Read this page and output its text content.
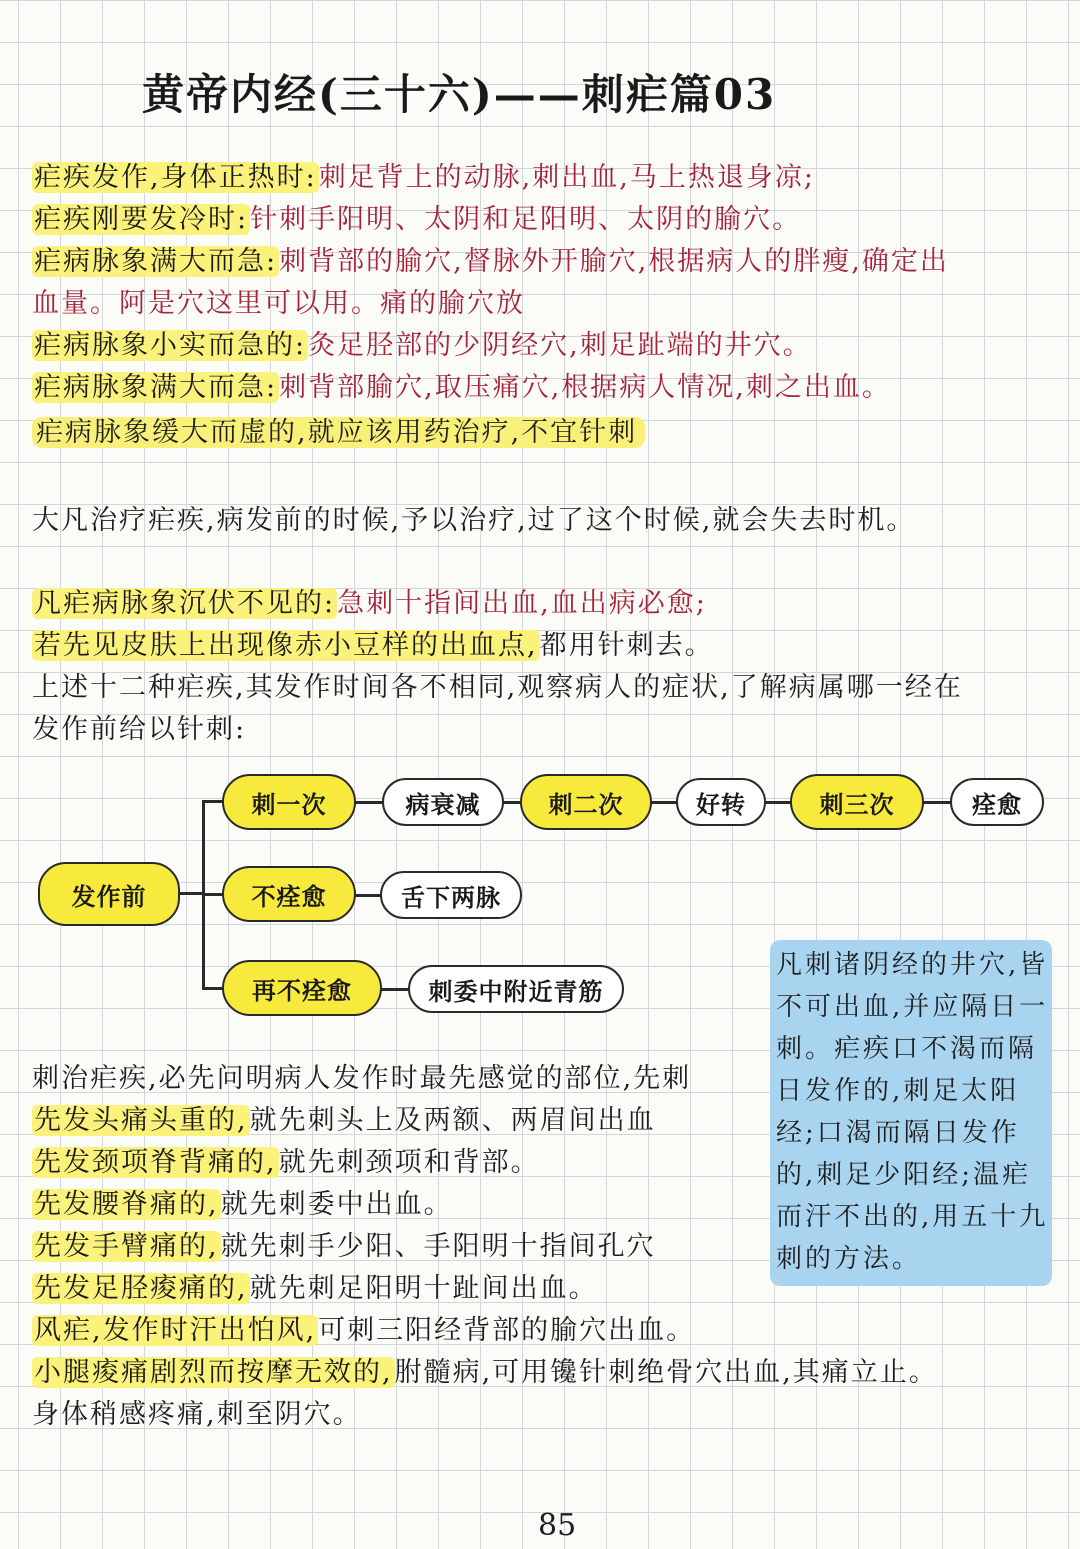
黄帝内经(三十六)——刺疟篇03
疟疾发作,身体正热时:刺足背上的动脉,刺出血,马上热退身凉;
疟疾刚要发冷时:针刺手阳明、太阴和足阳明、太阴的腧穴。
疟病脉象满大而急:刺背部的腧穴,督脉外开腧穴,根据病人的胖瘦,确定出
血量。阿是穴这里可以用。痛的腧穴放
疟病脉象小实而急的:灸足胫部的少阴经穴,刺足趾端的井穴。
疟病脉象满大而急:刺背部腧穴,取压痛穴,根据病人情况,刺之出血。
疟病脉象缓大而虚的,就应该用药治疗,不宜针刺
大凡治疗疟疾,病发前的时候,予以治疗,过了这个时候,就会失去时机。
凡疟病脉象沉伏不见的:急刺十指间出血,血出病必愈;
若先见皮肤上出现像赤小豆样的出血点,都用针刺去。
上述十二种疟疾,其发作时间各不相同,观察病人的症状,了解病属哪一经在
发作前给以针刺:
发作前
刺一次	病衰减	刺二次	好转	刺三次	痊愈
不痊愈	舌下两脉
再不痊愈	刺委中附近青筋
凡刺诸阴经的井穴,皆
不可出血,并应隔日一
刺。疟疾口不渴而隔
日发作的,刺足太阳
经;口渴而隔日发作
的,刺足少阳经;温疟
而汗不出的,用五十九
刺的方法。
刺治疟疾,必先问明病人发作时最先感觉的部位,先刺
先发头痛头重的,就先刺头上及两额、两眉间出血
先发颈项脊背痛的,就先刺颈项和背部。
先发腰脊痛的,就先刺委中出血。
先发手臂痛的,就先刺手少阳、手阳明十指间孔穴
先发足胫痠痛的,就先刺足阳明十趾间出血。
风疟,发作时汗出怕风,可刺三阳经背部的腧穴出血。
小腿痠痛剧烈而按摩无效的,胕髓病,可用镵针刺绝骨穴出血,其痛立止。
身体稍感疼痛,刺至阴穴。
85
